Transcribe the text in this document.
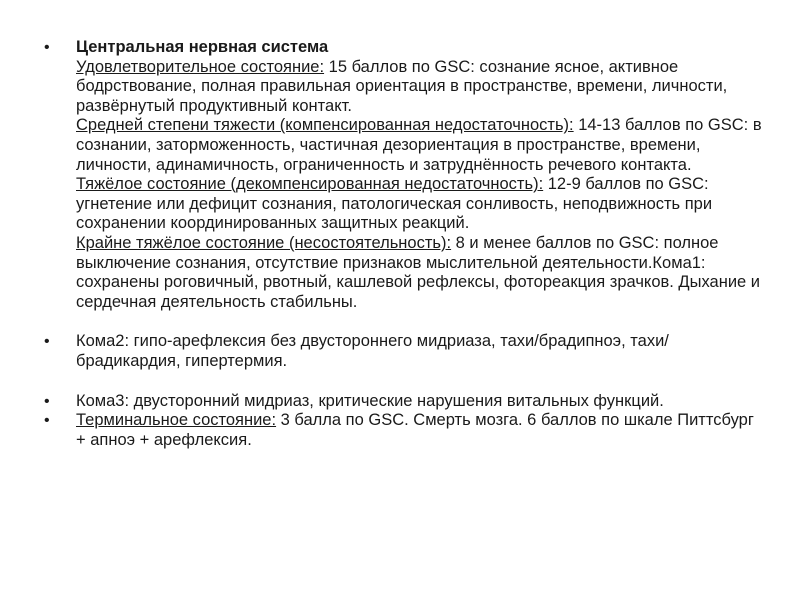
•	Центральная нервная система
Удовлетворительное состояние: 15 баллов по GSC: сознание ясное, активное бодрствование, полная правильная ориентация в пространстве, времени, личности, развёрнутый продуктивный контакт.
Средней степени тяжести (компенсированная недостаточность): 14-13 баллов по GSC: в сознании, заторможенность, частичная дезориентация в пространстве, времени, личности, адинамичность, ограниченность и затруднённость речевого контакта.
Тяжёлое состояние (декомпенсированная недостаточность): 12-9 баллов по GSC: угнетение или дефицит сознания, патологическая сонливость, неподвижность при сохранении координированных защитных реакций.
Крайне тяжёлое состояние (несостоятельность): 8 и менее баллов по GSC: полное выключение сознания, отсутствие признаков мыслительной деятельности.Кома1: сохранены роговичный, рвотный, кашлевой рефлексы, фотореакция зрачков. Дыхание и сердечная деятельность стабильны.
•	Кома2: гипо-арефлексия без двустороннего мидриаза, тахи/брадипноэ, тахи/брадикардия, гипертермия.
•	Кома3: двусторонний мидриаз, критические нарушения витальных функций.
•	Терминальное состояние: 3 балла по GSC. Смерть мозга. 6 баллов по шкале Питтсбург + апноэ + арефлексия.
